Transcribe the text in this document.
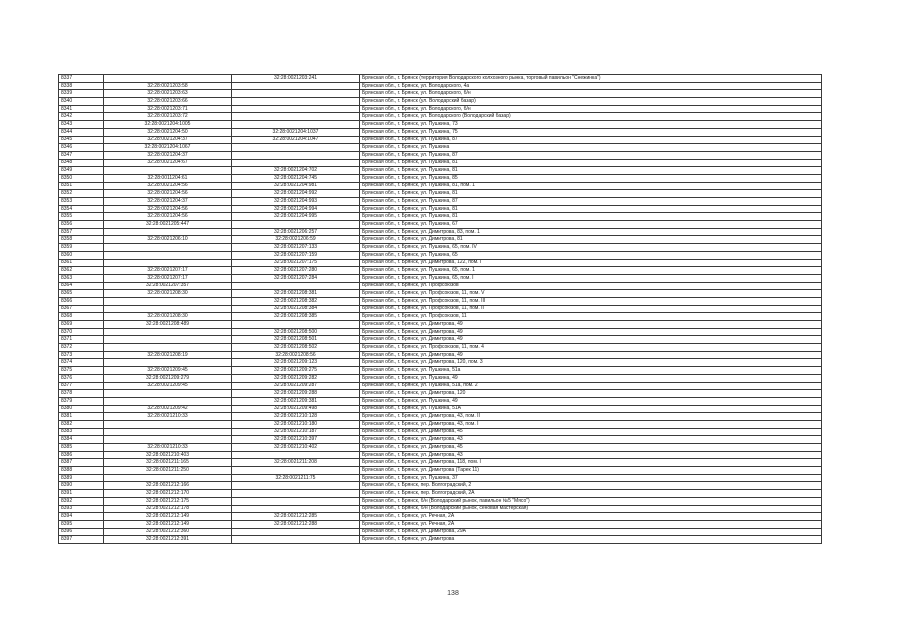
8337		32:28:0021203:241	Брянская обл., г. Брянск (территория Володарского колхозного рынка, торговый павильон "Снежинка")
8338	32:28:0021203:58		Брянская обл., г. Брянск, ул. Володарского, 4а
8339	32:28:0021203:63		Брянская обл., г. Брянск, ул. Володарского, б/н
8340	32:28:0021203:66		Брянская обл., г. Брянск (ул. Володарский базар)
8341	32:28:0021203:71		Брянская обл., г. Брянск, ул. Володарского, б/н
8342	32:28:0021203:72		Брянская обл., г. Брянск, ул. Володарского (Володарский базар)
8343	32:28:0021204:1005		Брянская обл., г. Брянск, ул. Пушкина, 73
8344	32:28:0021204:50	32:28:0021204:1037	Брянская обл., г. Брянск, ул. Пушкина, 75
8345	32:28:0021204:37	32:28:0021204:1047	Брянская обл., г. Брянск, ул. Пушкина, 87
8346	32:28:0021204:1067		Брянская обл., г. Брянск, ул. Пушкина
8347	32:28:0021204:37		Брянская обл., г. Брянск, ул. Пушкина, 87
8348	32:28:0021204:67		Брянская обл., г. Брянск, ул. Пушкина, 81
8349		32:28:0021204:702	Брянская обл., г. Брянск, ул. Пушкина, 81
8350	32:28:0011204:61	32:28:0021204:745	Брянская обл., г. Брянск, ул. Пушкина, 85
8351	32:28:0021204:56	32:28:0021204:981	Брянская обл., г. Брянск, ул. Пушкина, 81, пом. 1
8352	32:28:0021204:56	32:28:0021204:992	Брянская обл., г. Брянск, ул. Пушкина, 81
8353	32:28:0021204:37	32:28:0021204:993	Брянская обл., г. Брянск, ул. Пушкина, 87
8354	32:28:0021204:56	32:28:0021204:994	Брянская обл., г. Брянск, ул. Пушкина, 81
8355	32:28:0021204:56	32:28:0021204:995	Брянская обл., г. Брянск, ул. Пушкина, 81
8356	32:28:0021205:447		Брянская обл., г. Брянск, ул. Пушкина, 67
8357		32:28:0021206:257	Брянская обл., г. Брянск, ул. Димитрова, 83, пом. 1
8358	32:28:0021206:10	32:28:0021206:59	Брянская обл., г. Брянск, ул. Димитрова, 81
8359		32:28:0021207:133	Брянская обл., г. Брянск, ул. Пушкина, 65, пом. IV
8360		32:28:0021207:159	Брянская обл., г. Брянск, ул. Пушкина, 65
8361		32:28:0021207:175	Брянская обл., г. Брянск, ул. Димитрова, 122, пом. I
8362	32:28:0021207:17	32:28:0021207:280	Брянская обл., г. Брянск, ул. Пушкина, 65, пом. 1
8363	32:28:0021207:17	32:28:0021207:284	Брянская обл., г. Брянск, ул. Пушкина, 65, пом. I
8364	32:28:0021207:357		Брянская обл., г. Брянск, ул. Профсоюзов
8365	32:28:0021208:30	32:28:0021208:381	Брянская обл., г. Брянск, ул. Профсоюзов, 11, пом. V
8366		32:28:0021208:382	Брянская обл., г. Брянск, ул. Профсоюзов, 11, пом. III
8367		32:28:0021208:384	Брянская обл., г. Брянск, ул. Профсоюзов, 11, пом. II
8368	32:28:0021208:30	32:28:0021208:385	Брянская обл., г. Брянск, ул. Профсоюзов, 11
8369	32:28:0021208:489		Брянская обл., г. Брянск, ул. Димитрова, 49
8370		32:28:0021208:500	Брянская обл., г. Брянск, ул. Димитрова, 49
8371		32:28:0021208:501	Брянская обл., г. Брянск, ул. Димитрова, 49
8372		32:28:0021208:502	Брянская обл., г. Брянск, ул. Профсоюзов, 11, пом. 4
8373	32:28:0021208:19	32:28:0021208:56	Брянская обл., г. Брянск, ул. Димитрова, 49
8374		32:28:0021209:123	Брянская обл., г. Брянск, ул. Димитрова, 120, пом. 3
8375	32:28:0021209:45	32:28:0021209:275	Брянская обл., г. Брянск, ул. Пушкина, 51а
8376	32:28:0021209:279	32:28:0021209:282	Брянская обл., г. Брянск, ул. Пушкина, 49
8377	32:28:0021209:45	32:28:0021209:287	Брянская обл., г. Брянск, ул. Пушкина, 51а, пом. 2
8378		32:28:0021209:288	Брянская обл., г. Брянск, ул. Димитрова, 120
8379		32:28:0021209:381	Брянская обл., г. Брянск, ул. Пушкина, 49
8380	32:28:0021209:42	32:28:0021209:498	Брянская обл., г. Брянск, ул. Пушкина, 51А
8381	32:28:0021210:33	32:28:0021210:128	Брянская обл., г. Брянск, ул. Димитрова, 43, пом. II
8382		32:28:0021210:180	Брянская обл., г. Брянск, ул. Димитрова, 43, пом. I
8383		32:28:0021210:187	Брянская обл., г. Брянск, ул. Димитрова, 45
8384		32:28:0021210:397	Брянская обл., г. Брянск, ул. Димитрова, 43
8385	32:28:0021210:33	32:28:0021210:402	Брянская обл., г. Брянск, ул. Димитрова, 45
8386	32:28:0021210:403		Брянская обл., г. Брянск, ул. Димитрова, 43
8387	32:28:0021211:165	32:28:0021211:208	Брянская обл., г. Брянск, ул. Димитрова, 118, пом. I
8388	32:28:0021211:250		Брянская обл., г. Брянск, ул. Димитрова (Тарек 11)
8389		32:28:0021211:75	Брянская обл., г. Брянск, ул. Пушкина, 37
8390	32:28:0021212:166		Брянская обл., г. Брянск, пер. Волгоградский, 2
8391	32:28:0021212:170		Брянская обл., г. Брянск, пер. Волгоградский, 2А
8392	32:28:0021212:175		Брянская обл., г. Брянск, б/н (Володарский рынок, павильон №5 "Мясо")
8393	32:28:0021212:178		Брянская обл., г. Брянск, б/н (Володарский рынок, сеновая мастерская)
8394	32:28:0021212:149	32:28:0021212:285	Брянская обл., г. Брянск, ул. Речная, 2А
8395	32:28:0021212:149	32:28:0021212:288	Брянская обл., г. Брянск, ул. Речная, 2А
8396	32:28:0021212:360		Брянская обл., г. Брянск, ул. Димитрова, 29А
8397	32:28:0021212:391		Брянская обл., г. Брянск, ул. Димитрова
138
